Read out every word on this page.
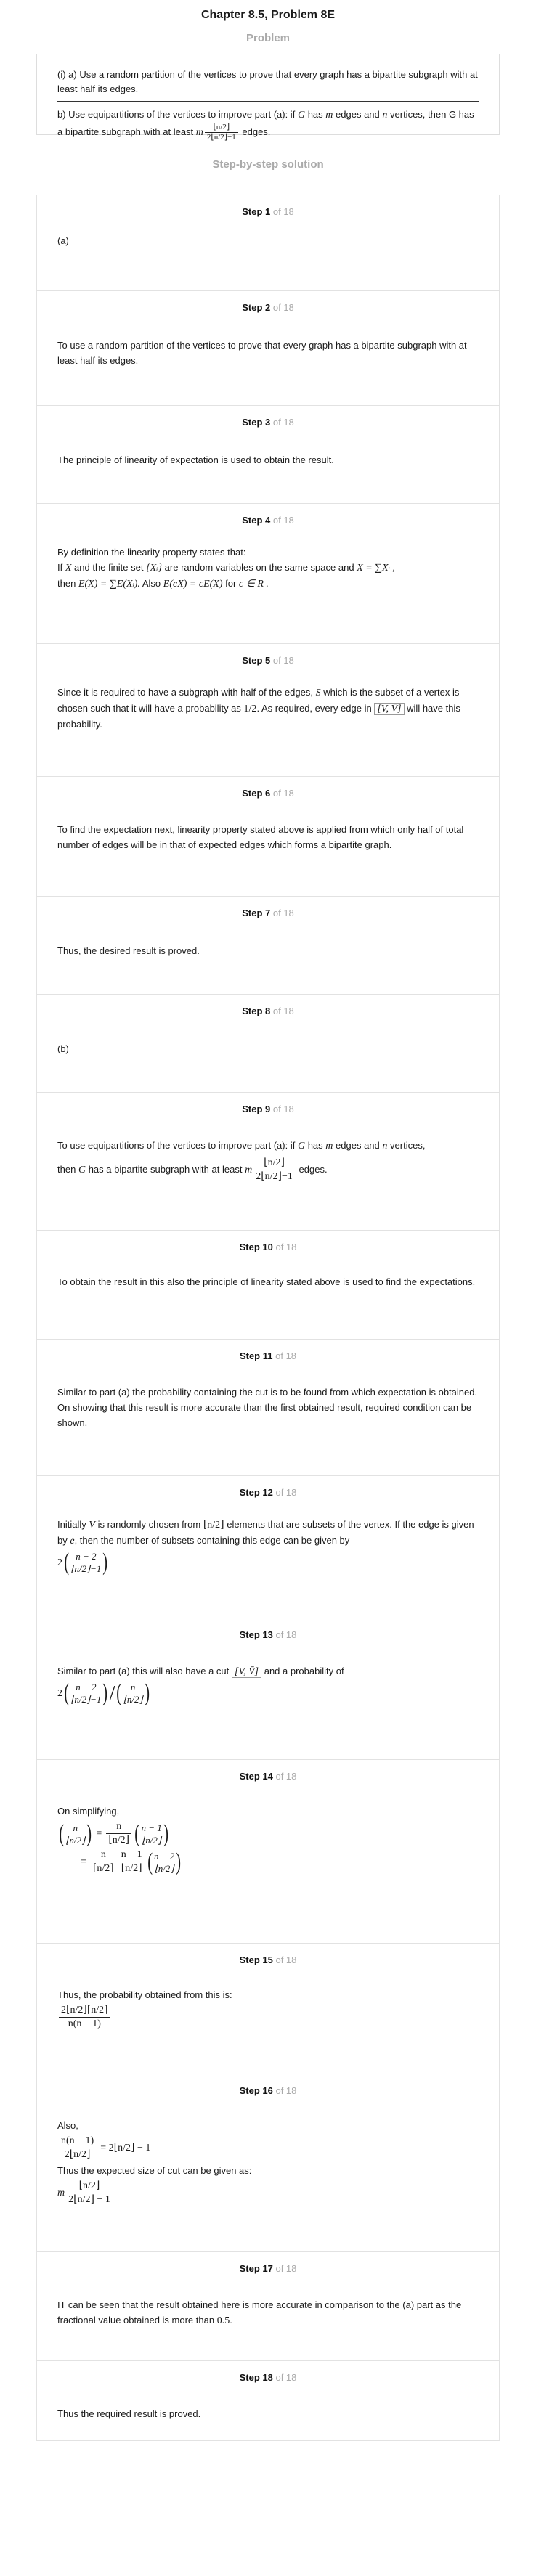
Chapter 8.5, Problem 8E
Problem
(i) a) Use a random partition of the vertices to prove that every graph has a bipartite subgraph with at least half its edges.
b) Use equipartitions of the vertices to improve part (a): if G has m edges and n vertices, then G has a bipartite subgraph with at least m $\frac{⌊n/2⌋}{2⌊n/2⌋-1}$ edges.
Step-by-step solution
Step 1 of 18
(a)
Step 2 of 18
To use a random partition of the vertices to prove that every graph has a bipartite subgraph with at least half its edges.
Step 3 of 18
The principle of linearity of expectation is used to obtain the result.
Step 4 of 18
By definition the linearity property states that:
If X and the finite set {Xᵢ} are random variables on the same space and X = ∑Xᵢ ,
then E(X) = ∑E(Xᵢ). Also E(cX) = cE(X) for c ∈ R .
Step 5 of 18
Since it is required to have a subgraph with half of the edges, S which is the subset of a vertex is chosen such that it will have a probability as 1/2. As required, every edge in [V, V̄] will have this probability.
Step 6 of 18
To find the expectation next, linearity property stated above is applied from which only half of total number of edges will be in that of expected edges which forms a bipartite graph.
Step 7 of 18
Thus, the desired result is proved.
Step 8 of 18
(b)
Step 9 of 18
To use equipartitions of the vertices to improve part (a): if G has m edges and n vertices,
then G has a bipartite subgraph with at least m $\frac{⌊n/2⌋}{2⌊n/2⌋-1}$ edges.
Step 10 of 18
To obtain the result in this also the principle of linearity stated above is used to find the expectations.
Step 11 of 18
Similar to part (a) the probability containing the cut is to be found from which expectation is obtained. On showing that this result is more accurate than the first obtained result, required condition can be shown.
Step 12 of 18
Initially V is randomly chosen from ⌊n/2⌋ elements that are subsets of the vertex. If the edge is given by e, then the number of subsets containing this edge can be given by
2 ( n − 2
⌊n/2⌋−1 )
Step 13 of 18
Similar to part (a) this will also have a cut [V, V̄] and a probability of
2 ( n − 2
⌊n/2⌋−1 ) / ( n
⌊n/2⌋ )
Step 14 of 18
On simplifying,
( n
⌊n/2⌋ ) = $\frac{n}{⌊n/2⌋}$ ( n − 1
⌊n/2⌋ )
= $\frac{n}{⌈n/2⌉} \frac{n - 1}{⌊n/2⌋}$ ( n − 2
⌊n/2⌋ )
Step 15 of 18
Thus, the probability obtained from this is:
$\frac{2⌊n/2⌋⌈n/2⌉}{n(n - 1)}$
Step 16 of 18
Also,
$\frac{n(n - 1)}{2⌊n/2⌋}$ = 2⌊n/2⌋ − 1
Thus the expected size of cut can be given as:
m $\frac{⌊n/2⌋}{2⌊n/2⌋ - 1}$
Step 17 of 18
IT can be seen that the result obtained here is more accurate in comparison to the (a) part as the fractional value obtained is more than 0.5.
Step 18 of 18
Thus the required result is proved.
